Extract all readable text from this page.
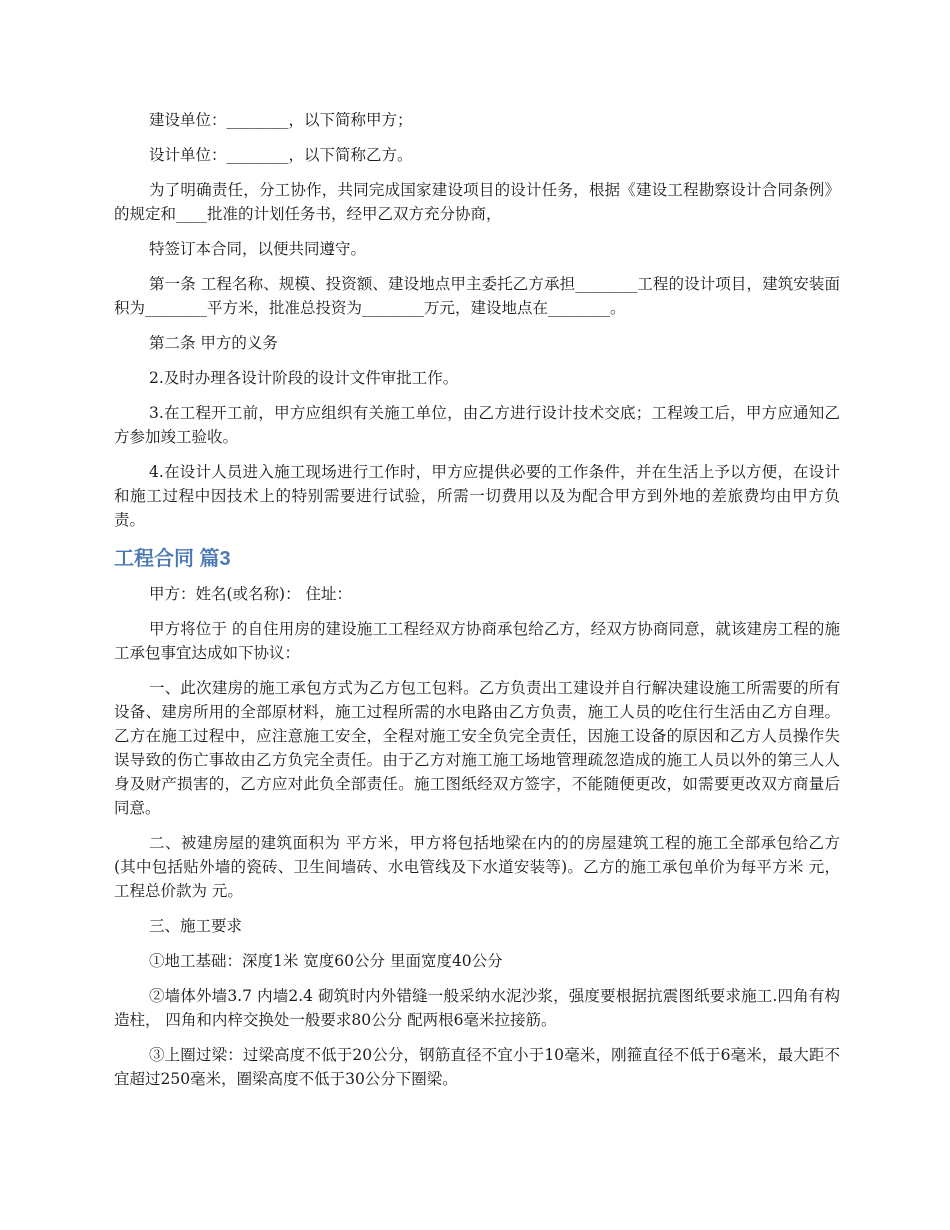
建设单位：________，以下简称甲方；

设计单位：________，以下简称乙方。

为了明确责任，分工协作，共同完成国家建设项目的设计任务，根据《建设工程勘察设计合同条例》的规定和____批准的计划任务书，经甲乙双方充分协商，

特签订本合同，以便共同遵守。

第一条 工程名称、规模、投资额、建设地点甲主委托乙方承担________工程的设计项目，建筑安装面积为________平方米，批准总投资为________万元，建设地点在________。

第二条 甲方的义务

2.及时办理各设计阶段的设计文件审批工作。

3.在工程开工前，甲方应组织有关施工单位，由乙方进行设计技术交底；工程竣工后，甲方应通知乙方参加竣工验收。

4.在设计人员进入施工现场进行工作时，甲方应提供必要的工作条件，并在生活上予以方便，在设计和施工过程中因技术上的特别需要进行试验，所需一切费用以及为配合甲方到外地的差旅费均由甲方负责。

工程合同 篇3

甲方：姓名(或名称)： 住址：

甲方将位于 的自住用房的建设施工工程经双方协商承包给乙方，经双方协商同意，就该建房工程的施工承包事宜达成如下协议：

一、此次建房的施工承包方式为乙方包工包料。乙方负责出工建设并自行解决建设施工所需要的所有设备、建房所用的全部原材料，施工过程所需的水电路由乙方负责，施工人员的吃住行生活由乙方自理。乙方在施工过程中，应注意施工安全，全程对施工安全负完全责任，因施工设备的原因和乙方人员操作失误导致的伤亡事故由乙方负完全责任。由于乙方对施工施工场地管理疏忽造成的施工人员以外的第三人人身及财产损害的，乙方应对此负全部责任。施工图纸经双方签字，不能随便更改，如需要更改双方商量后同意。

二、被建房屋的建筑面积为 平方米，甲方将包括地梁在内的的房屋建筑工程的施工全部承包给乙方(其中包括贴外墙的瓷砖、卫生间墙砖、水电管线及下水道安装等)。乙方的施工承包单价为每平方米 元，工程总价款为 元。

三、施工要求

①地工基础：深度1米 宽度60公分 里面宽度40公分

②墙体外墙3.7 内墙2.4 砌筑时内外错缝一般采纳水泥沙浆，强度要根据抗震图纸要求施工.四角有构造柱， 四角和内梓交换处一般要求80公分 配两根6毫米拉接筋。

③上圈过梁：过梁高度不低于20公分，钢筋直径不宜小于10毫米，刚箍直径不低于6毫米，最大距不宜超过250毫米，圈梁高度不低于30公分下圈梁。
